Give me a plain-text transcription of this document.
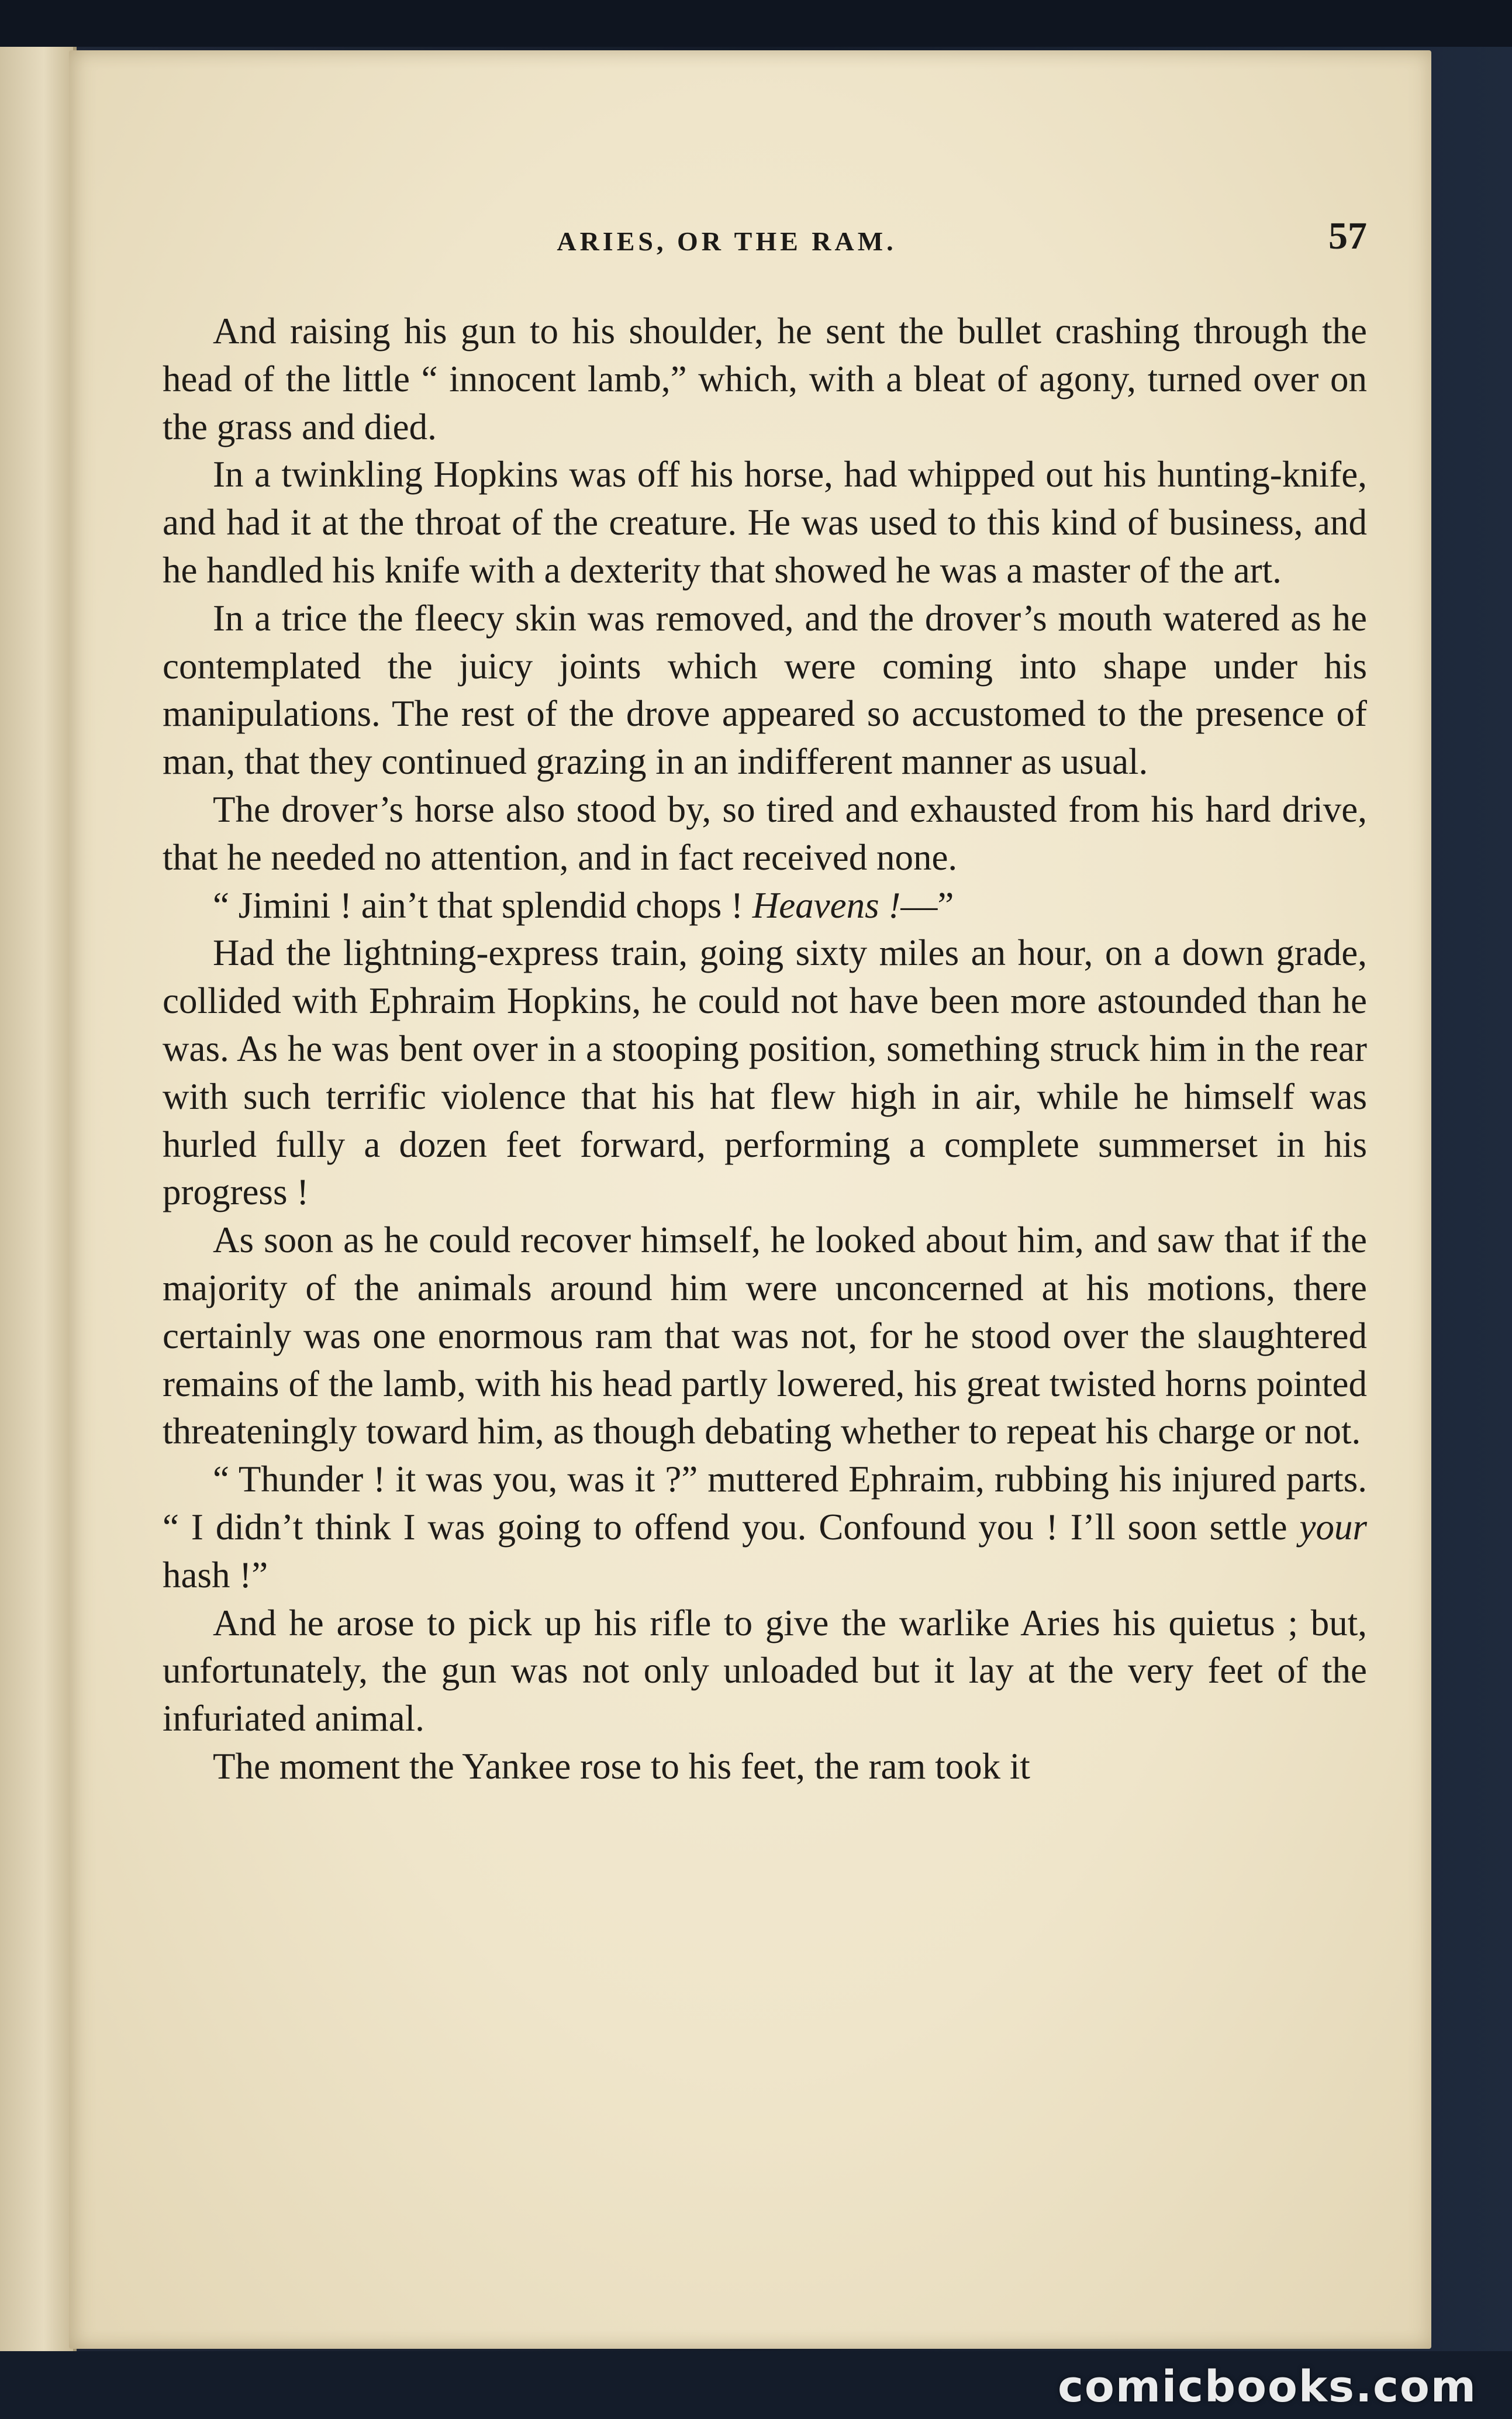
ARIES, OR THE RAM.	57

And raising his gun to his shoulder, he sent the bullet crashing through the head of the little “ innocent lamb,” which, with a bleat of agony, turned over on the grass and died.

In a twinkling Hopkins was off his horse, had whipped out his hunting-knife, and had it at the throat of the creature. He was used to this kind of business, and he handled his knife with a dexterity that showed he was a master of the art.

In a trice the fleecy skin was removed, and the drover’s mouth watered as he contemplated the juicy joints which were coming into shape under his manipulations. The rest of the drove appeared so accustomed to the presence of man, that they continued grazing in an indifferent manner as usual.

The drover’s horse also stood by, so tired and exhausted from his hard drive, that he needed no attention, and in fact received none.

“ Jimini ! ain’t that splendid chops ! Heavens !—”

Had the lightning-express train, going sixty miles an hour, on a down grade, collided with Ephraim Hopkins, he could not have been more astounded than he was. As he was bent over in a stooping position, something struck him in the rear with such terrific violence that his hat flew high in air, while he himself was hurled fully a dozen feet forward, performing a complete summerset in his progress !

As soon as he could recover himself, he looked about him, and saw that if the majority of the animals around him were unconcerned at his motions, there certainly was one enormous ram that was not, for he stood over the slaughtered remains of the lamb, with his head partly lowered, his great twisted horns pointed threateningly toward him, as though debating whether to repeat his charge or not.

“ Thunder ! it was you, was it ?” muttered Ephraim, rubbing his injured parts. “ I didn’t think I was going to offend you. Confound you ! I’ll soon settle your hash !”

And he arose to pick up his rifle to give the warlike Aries his quietus ; but, unfortunately, the gun was not only unloaded but it lay at the very feet of the infuriated animal.

The moment the Yankee rose to his feet, the ram took it

comicbooks.com
